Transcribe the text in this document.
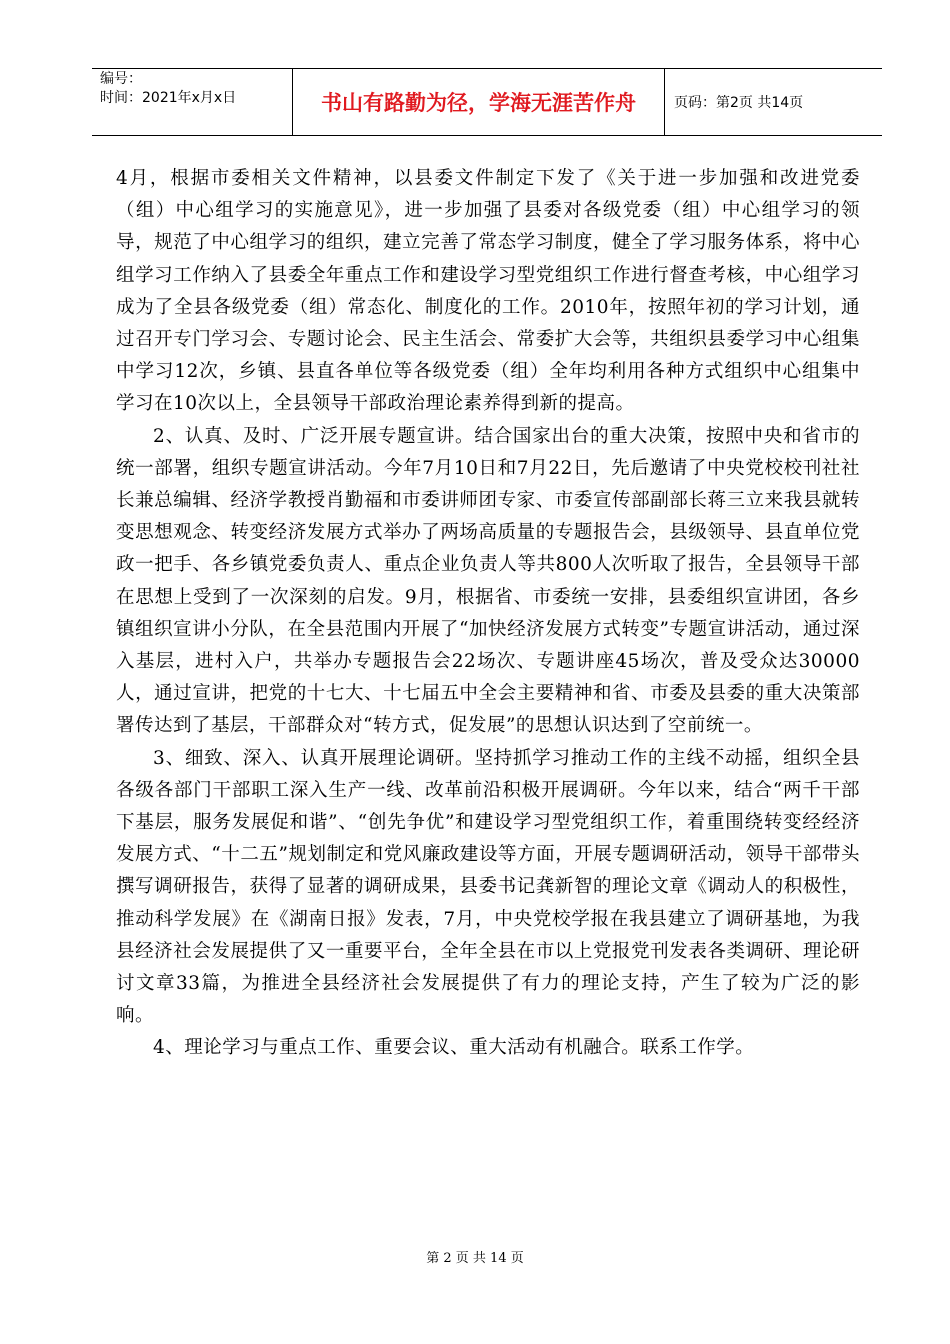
编号：
时间：2021年x月x日	书山有路勤为径，学海无涯苦作舟	页码：第2页 共14页

4月，根据市委相关文件精神，以县委文件制定下发了《关于进一步加强和改进党委（组）中心组学习的实施意见》，进一步加强了县委对各级党委（组）中心组学习的领导，规范了中心组学习的组织，建立完善了常态学习制度，健全了学习服务体系，将中心组学习工作纳入了县委全年重点工作和建设学习型党组织工作进行督查考核，中心组学习成为了全县各级党委（组）常态化、制度化的工作。2010年，按照年初的学习计划，通过召开专门学习会、专题讨论会、民主生活会、常委扩大会等，共组织县委学习中心组集中学习12次，乡镇、县直各单位等各级党委（组）全年均利用各种方式组织中心组集中学习在10次以上，全县领导干部政治理论素养得到新的提高。

2、认真、及时、广泛开展专题宣讲。结合国家出台的重大决策，按照中央和省市的统一部署，组织专题宣讲活动。今年7月10日和7月22日，先后邀请了中央党校校刊社社长兼总编辑、经济学教授肖勤福和市委讲师团专家、市委宣传部副部长蒋三立来我县就转变思想观念、转变经济发展方式举办了两场高质量的专题报告会，县级领导、县直单位党政一把手、各乡镇党委负责人、重点企业负责人等共800人次听取了报告，全县领导干部在思想上受到了一次深刻的启发。9月，根据省、市委统一安排，县委组织宣讲团，各乡镇组织宣讲小分队，在全县范围内开展了“加快经济发展方式转变”专题宣讲活动，通过深入基层，进村入户，共举办专题报告会22场次、专题讲座45场次，普及受众达30000人，通过宣讲，把党的十七大、十七届五中全会主要精神和省、市委及县委的重大决策部署传达到了基层，干部群众对“转方式，促发展”的思想认识达到了空前统一。

3、细致、深入、认真开展理论调研。坚持抓学习推动工作的主线不动摇，组织全县各级各部门干部职工深入生产一线、改革前沿积极开展调研。今年以来，结合“两千干部下基层，服务发展促和谐”、“创先争优”和建设学习型党组织工作，着重围绕转变经经济发展方式、“十二五”规划制定和党风廉政建设等方面，开展专题调研活动，领导干部带头撰写调研报告，获得了显著的调研成果，县委书记龚新智的理论文章《调动人的积极性，推动科学发展》在《湖南日报》发表，7月，中央党校学报在我县建立了调研基地，为我县经济社会发展提供了又一重要平台，全年全县在市以上党报党刊发表各类调研、理论研讨文章33篇，为推进全县经济社会发展提供了有力的理论支持，产生了较为广泛的影响。

4、理论学习与重点工作、重要会议、重大活动有机融合。联系工作学。

第 2 页 共 14 页
